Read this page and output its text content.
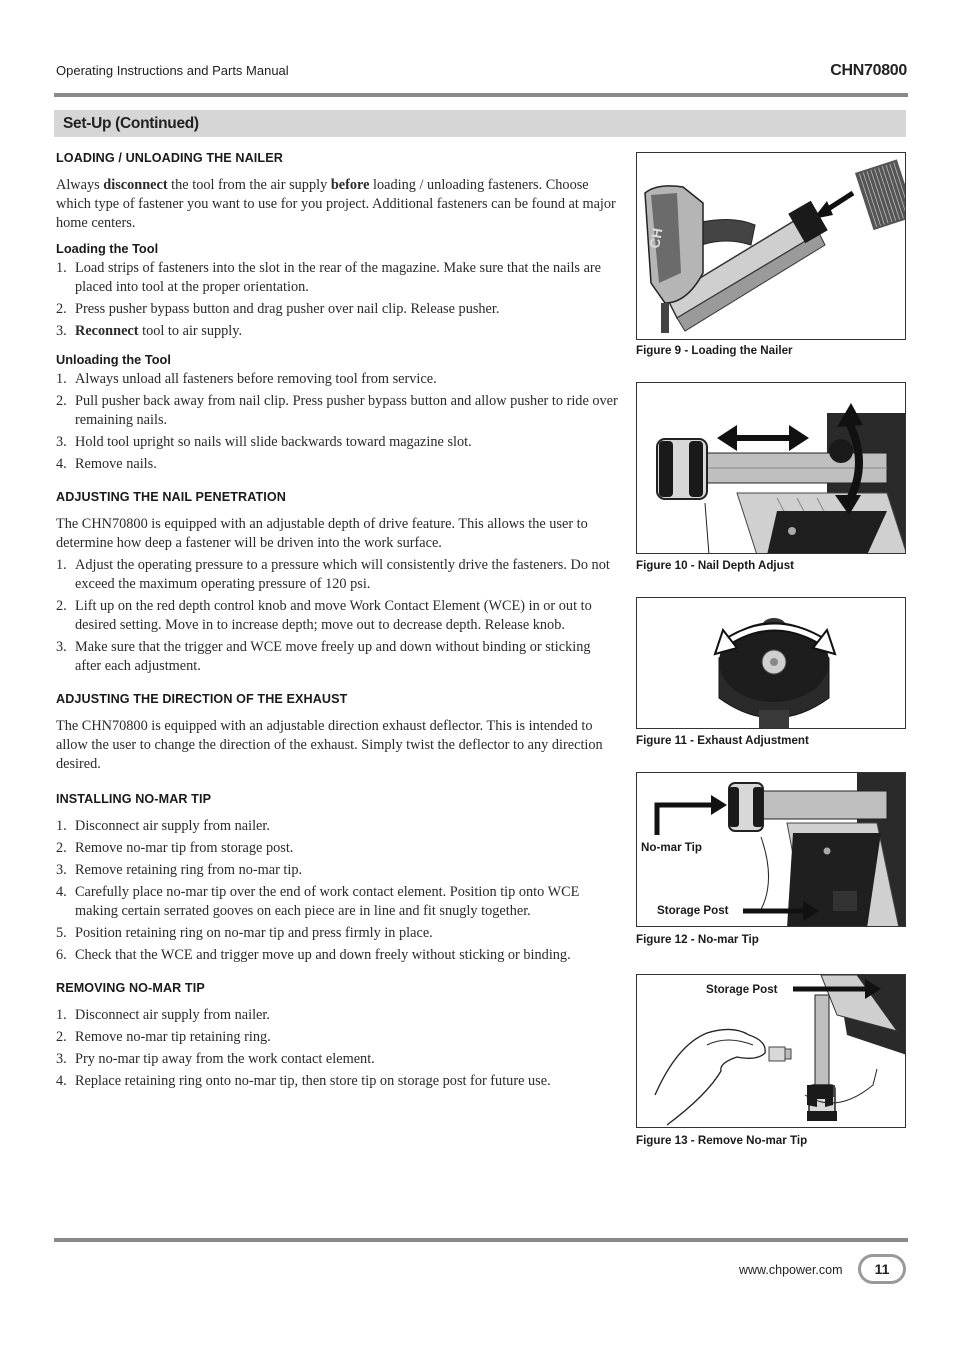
Operating Instructions and Parts Manual	CHN70800
Set-Up (Continued)
LOADING / UNLOADING THE NAILER

Always disconnect the tool from the air supply before loading / unloading fasteners. Choose which type of fastener you want to use for you project. Additional fasteners can be found at major home centers.

Loading the Tool
1. Load strips of fasteners into the slot in the rear of the magazine. Make sure that the nails are placed into tool at the proper orientation.
2. Press pusher bypass button and drag pusher over nail clip. Release pusher.
3. Reconnect tool to air supply.
Unloading the Tool
1. Always unload all fasteners before removing tool from service.
2. Pull pusher back away from nail clip. Press pusher bypass button and allow pusher to ride over remaining nails.
3. Hold tool upright so nails will slide backwards toward magazine slot.
4. Remove nails.
ADJUSTING THE NAIL PENETRATION

The CHN70800 is equipped with an adjustable depth of drive feature. This allows the user to determine how deep a fastener will be driven into the work surface.

1. Adjust the operating pressure to a pressure which will consistently drive the fasteners. Do not exceed the maximum operating pressure of 120 psi.
2. Lift up on the red depth control knob and move Work Contact Element (WCE) in or out to desired setting. Move in to increase depth; move out to decrease depth. Release knob.
3. Make sure that the trigger and WCE move freely up and down without binding or sticking after each adjustment.
ADJUSTING THE DIRECTION OF THE EXHAUST

The CHN70800 is equipped with an adjustable direction exhaust deflector. This is intended to allow the user to change the direction of the exhaust. Simply twist the deflector to any direction desired.

INSTALLING NO-MAR TIP
1. Disconnect air supply from nailer.
2. Remove no-mar tip from storage post.
3. Remove retaining ring from no-mar tip.
4. Carefully place no-mar tip over the end of work contact element. Position tip onto WCE making certain serrated gooves on each piece are in line and fit snugly together.
5. Position retaining ring on no-mar tip and press firmly in place.
6. Check that the WCE and trigger move up and down freely without sticking or binding.
REMOVING NO-MAR TIP
1. Disconnect air supply from nailer.
2. Remove no-mar tip retaining ring.
3. Pry no-mar tip away from the work contact element.
4. Replace retaining ring onto no-mar tip, then store tip on storage post for future use.
CH
Figure 9 - Loading the Nailer
Figure 10 - Nail Depth Adjust
Figure 11 - Exhaust Adjustment
No-mar Tip
Storage Post
Figure 12 - No-mar Tip
Storage Post
Figure 13 - Remove No-mar Tip
www.chpower.com	11
